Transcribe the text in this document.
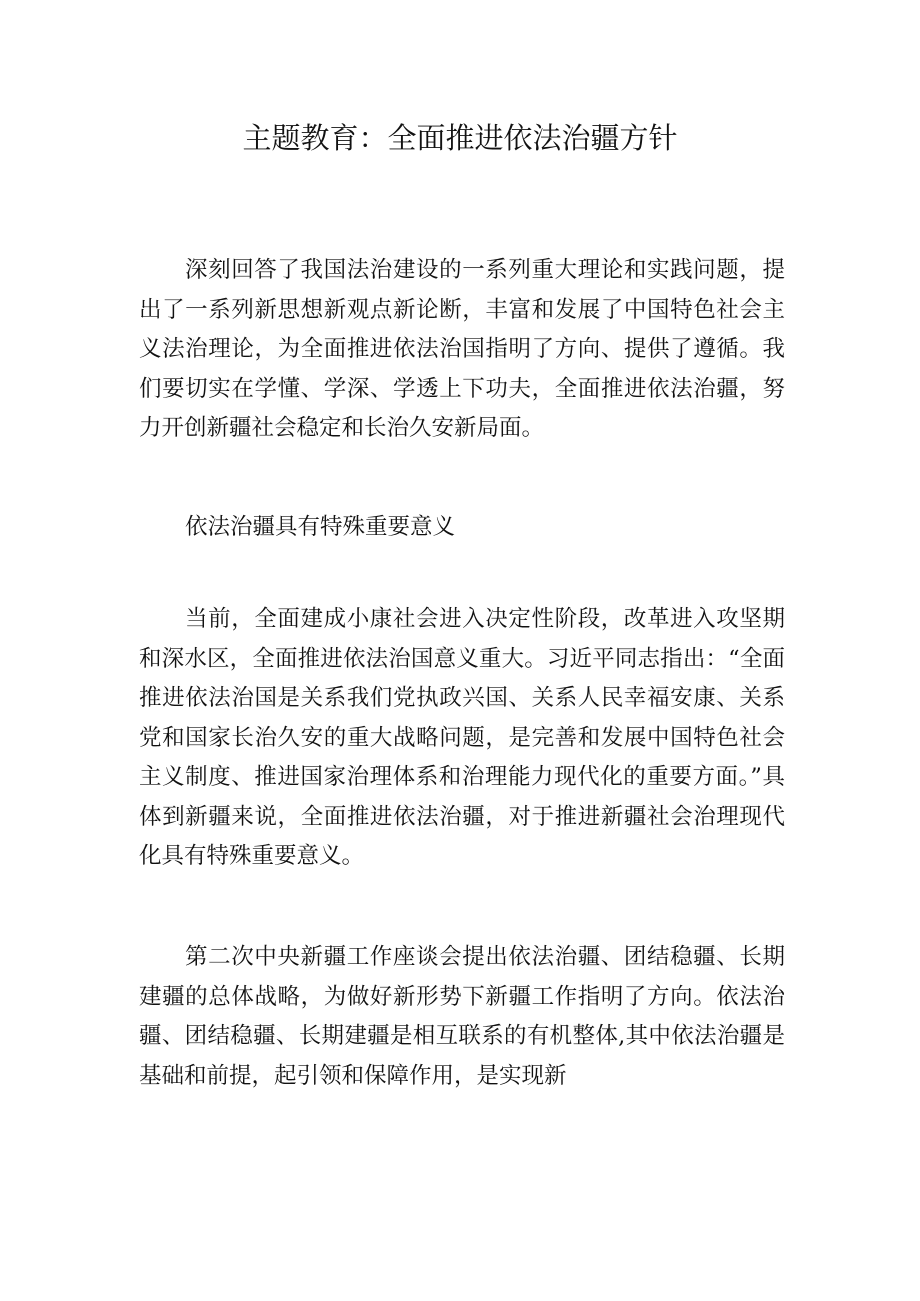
主题教育：全面推进依法治疆方针

深刻回答了我国法治建设的一系列重大理论和实践问题，提出了一系列新思想新观点新论断，丰富和发展了中国特色社会主义法治理论，为全面推进依法治国指明了方向、提供了遵循。我们要切实在学懂、学深、学透上下功夫，全面推进依法治疆，努力开创新疆社会稳定和长治久安新局面。

依法治疆具有特殊重要意义

当前，全面建成小康社会进入决定性阶段，改革进入攻坚期和深水区，全面推进依法治国意义重大。习近平同志指出：“全面推进依法治国是关系我们党执政兴国、关系人民幸福安康、关系党和国家长治久安的重大战略问题，是完善和发展中国特色社会主义制度、推进国家治理体系和治理能力现代化的重要方面。”具体到新疆来说，全面推进依法治疆，对于推进新疆社会治理现代化具有特殊重要意义。

第二次中央新疆工作座谈会提出依法治疆、团结稳疆、长期建疆的总体战略，为做好新形势下新疆工作指明了方向。依法治疆、团结稳疆、长期建疆是相互联系的有机整体,其中依法治疆是基础和前提，起引领和保障作用，是实现新
